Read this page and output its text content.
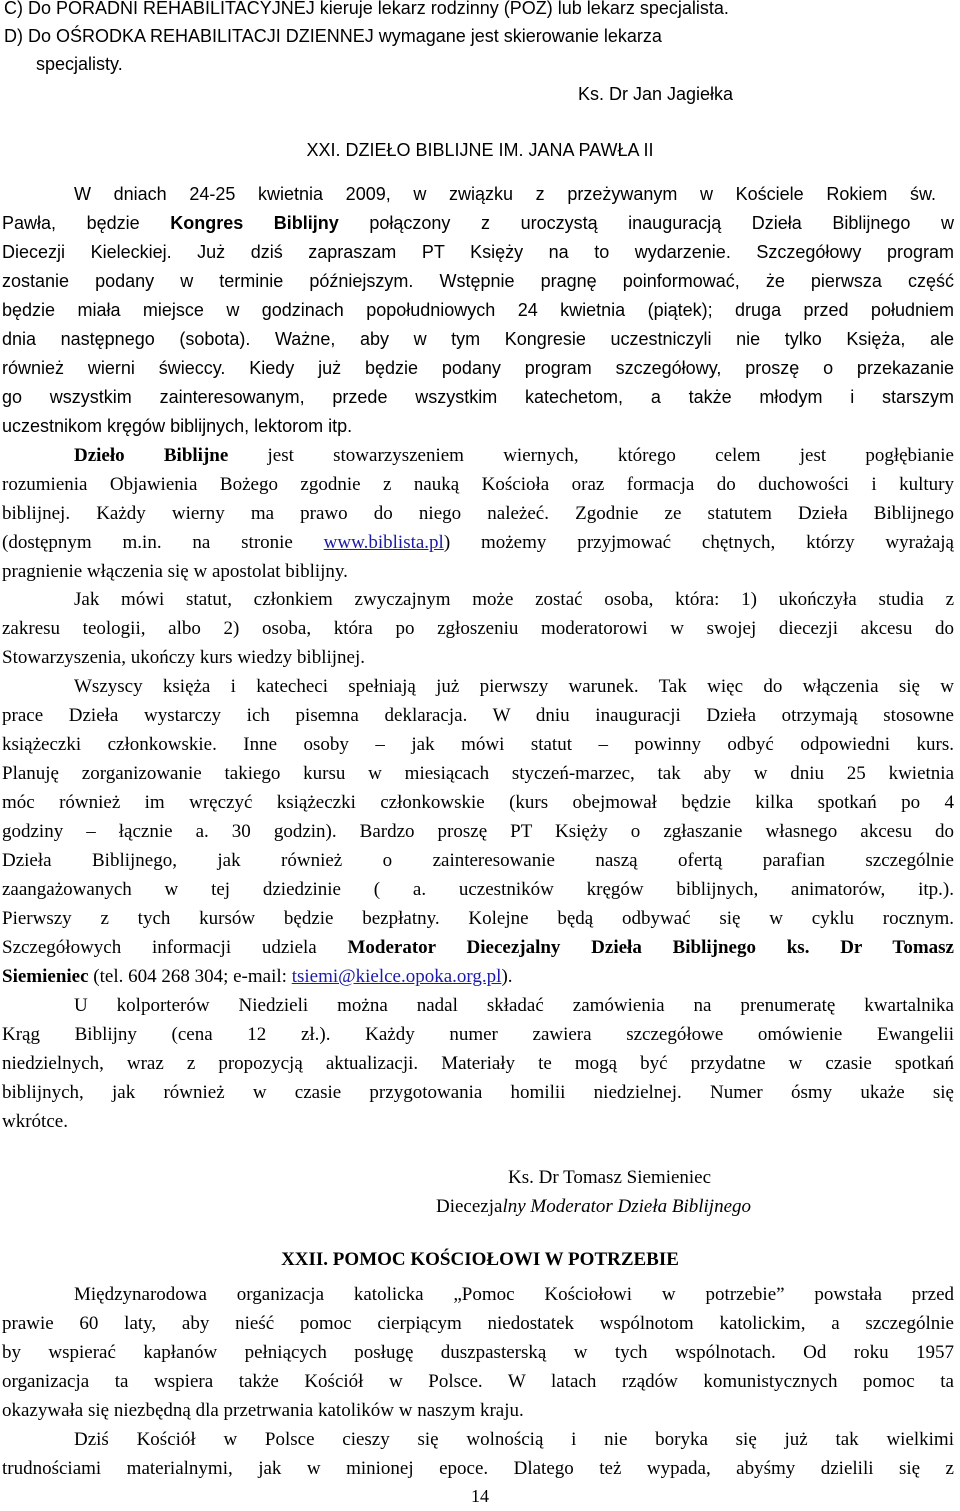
C) Do PORADNI REHABILITACYJNEJ kieruje lekarz rodzinny (POZ) lub lekarz specjalista.
D) Do OŚRODKA REHABILITACJI DZIENNEJ wymagane jest skierowanie lekarza
specjalisty.
Ks. Dr Jan Jagiełka
XXI. DZIEŁO BIBLIJNE IM. JANA PAWŁA II
W dniach 24-25 kwietnia 2009, w związku z przeżywanym w Kościele Rokiem św.
Pawła, będzie Kongres Biblijny połączony z uroczystą inauguracją Dzieła Biblijnego w
Diecezji Kieleckiej. Już dziś zapraszam PT Księży na to wydarzenie. Szczegółowy program
zostanie podany w terminie późniejszym. Wstępnie pragnę poinformować, że pierwsza część
będzie miała miejsce w godzinach popołudniowych 24 kwietnia (piątek); druga przed południem
dnia następnego (sobota). Ważne, aby w tym Kongresie uczestniczyli nie tylko Księża, ale
również wierni świeccy. Kiedy już będzie podany program szczegółowy, proszę o przekazanie
go wszystkim zainteresowanym, przede wszystkim katechetom, a także młodym i starszym
uczestnikom kręgów biblijnych, lektorom itp.
Dzieło Biblijne jest stowarzyszeniem wiernych, którego celem jest pogłębianie
rozumienia Objawienia Bożego zgodnie z nauką Kościoła oraz formacja do duchowości i kultury
biblijnej. Każdy wierny ma prawo do niego należeć. Zgodnie ze statutem Dzieła Biblijnego
(dostępnym m.in. na stronie www.biblista.pl) możemy przyjmować chętnych, którzy wyrażają
pragnienie włączenia się w apostolat biblijny.
Jak mówi statut, członkiem zwyczajnym może zostać osoba, która: 1) ukończyła studia z
zakresu teologii, albo 2) osoba, która po zgłoszeniu moderatorowi w swojej diecezji akcesu do
Stowarzyszenia, ukończy kurs wiedzy biblijnej.
Wszyscy księża i katecheci spełniają już pierwszy warunek. Tak więc do włączenia się w
prace Dzieła wystarczy ich pisemna deklaracja. W dniu inauguracji Dzieła otrzymają stosowne
książeczki członkowskie. Inne osoby – jak mówi statut – powinny odbyć odpowiedni kurs.
Planuję zorganizowanie takiego kursu w miesiącach styczeń-marzec, tak aby w dniu 25 kwietnia
móc również im wręczyć książeczki członkowskie (kurs obejmował będzie kilka spotkań po 4
godziny – łącznie a. 30 godzin). Bardzo proszę PT Księży o zgłaszanie własnego akcesu do
Dzieła Biblijnego, jak również o zainteresowanie naszą ofertą parafian szczególnie
zaangażowanych w tej dziedzinie ( a. uczestników kręgów biblijnych, animatorów, itp.).
Pierwszy z tych kursów będzie bezpłatny. Kolejne będą odbywać się w cyklu rocznym.
Szczegółowych informacji udziela Moderator Diecezjalny Dzieła Biblijnego ks. Dr Tomasz
Siemieniec (tel. 604 268 304; e-mail: tsiemi@kielce.opoka.org.pl).
U kolporterów Niedzieli można nadal składać zamówienia na prenumeratę kwartalnika
Krąg Biblijny (cena 12 zł.). Każdy numer zawiera szczegółowe omówienie Ewangelii
niedzielnych, wraz z propozycją aktualizacji. Materiały te mogą być przydatne w czasie spotkań
biblijnych, jak również w czasie przygotowania homilii niedzielnej. Numer ósmy ukaże się
wkrótce.
Ks. Dr Tomasz Siemieniec
Diecezjalny Moderator Dzieła Biblijnego
XXII. POMOC KOŚCIOŁOWI W POTRZEBIE
Międzynarodowa organizacja katolicka „Pomoc Kościołowi w potrzebie” powstała przed
prawie 60 laty, aby nieść pomoc cierpiącym niedostatek wspólnotom katolickim, a szczególnie
by wspierać kapłanów pełniących posługę duszpasterską w tych wspólnotach. Od roku 1957
organizacja ta wspiera także Kościół w Polsce. W latach rządów komunistycznych pomoc ta
okazywała się niezbędną dla przetrwania katolików w naszym kraju.
Dziś Kościół w Polsce cieszy się wolnością i nie boryka się już tak wielkimi
trudnościami materialnymi, jak w minionej epoce. Dlatego też wypada, abyśmy dzielili się z
14
